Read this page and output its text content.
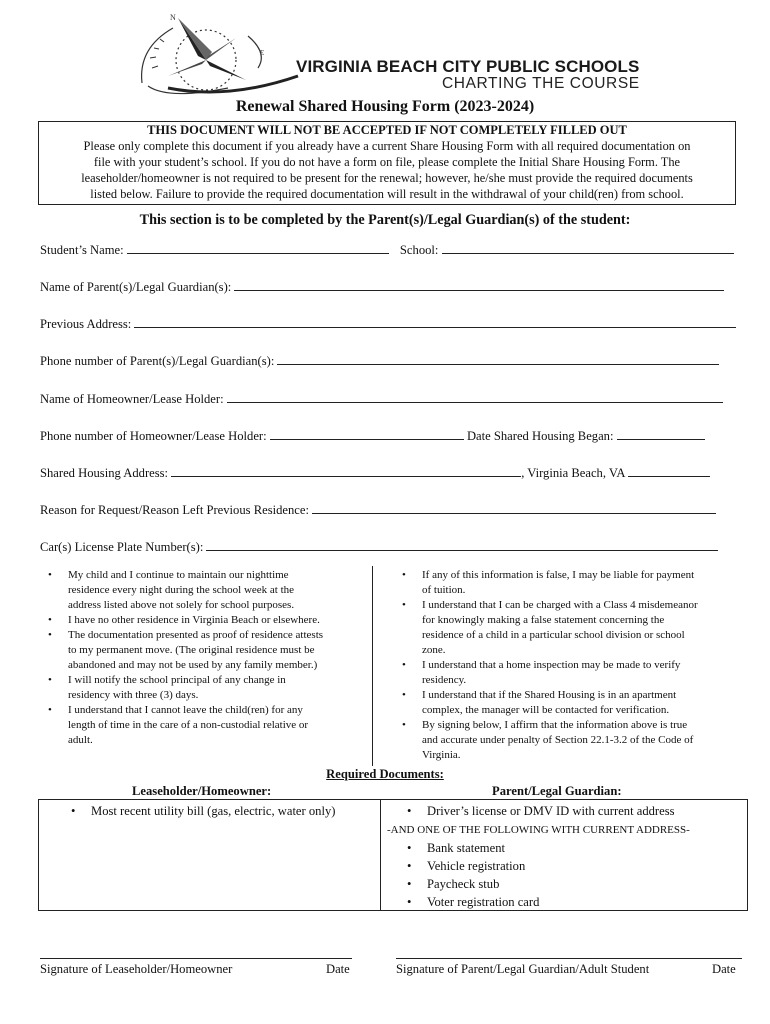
N
E
VIRGINIA BEACH CITY PUBLIC SCHOOLS
CHARTING THE COURSE
Renewal Shared Housing Form (2023-2024)
THIS DOCUMENT WILL NOT BE ACCEPTED IF NOT COMPLETELY FILLED OUT
Please only complete this document if you already have a current Share Housing Form with all required documentation on
file with your student’s school. If you do not have a form on file, please complete the Initial Share Housing Form. The
leaseholder/homeowner is not required to be present for the renewal; however, he/she must provide the required documents
listed below. Failure to provide the required documentation will result in the withdrawal of your child(ren) from school.
This section is to be completed by the Parent(s)/Legal Guardian(s) of the student:
Student’s Name:	School:
Name of Parent(s)/Legal Guardian(s):
Previous Address:
Phone number of Parent(s)/Legal Guardian(s):
Name of Homeowner/Lease Holder:
Phone number of Homeowner/Lease Holder:	Date Shared Housing Began:
Shared Housing Address:	, Virginia Beach, VA
Reason for Request/Reason Left Previous Residence:
Car(s) License Plate Number(s):
• My child and I continue to maintain our nighttime
residence every night during the school week at the
address listed above not solely for school purposes.
• I have no other residence in Virginia Beach or elsewhere.
• The documentation presented as proof of residence attests
to my permanent move. (The original residence must be
abandoned and may not be used by any family member.)
• I will notify the school principal of any change in
residency with three (3) days.
• I understand that I cannot leave the child(ren) for any
length of time in the care of a non-custodial relative or
adult.
• If any of this information is false, I may be liable for payment
of tuition.
• I understand that I can be charged with a Class 4 misdemeanor
for knowingly making a false statement concerning the
residence of a child in a particular school division or school
zone.
• I understand that a home inspection may be made to verify
residency.
• I understand that if the Shared Housing is in an apartment
complex, the manager will be contacted for verification.
• By signing below, I affirm that the information above is true
and accurate under penalty of Section 22.1-3.2 of the Code of
Virginia.
Required Documents:
Leaseholder/Homeowner:	Parent/Legal Guardian:
• Most recent utility bill (gas, electric, water only)
•	Driver’s license or DMV ID with current address
-AND ONE OF THE FOLLOWING WITH CURRENT ADDRESS-
• Bank statement
• Vehicle registration
• Paycheck stub
• Voter registration card
Signature of Leaseholder/Homeowner	Date	Signature of Parent/Legal Guardian/Adult Student	Date
